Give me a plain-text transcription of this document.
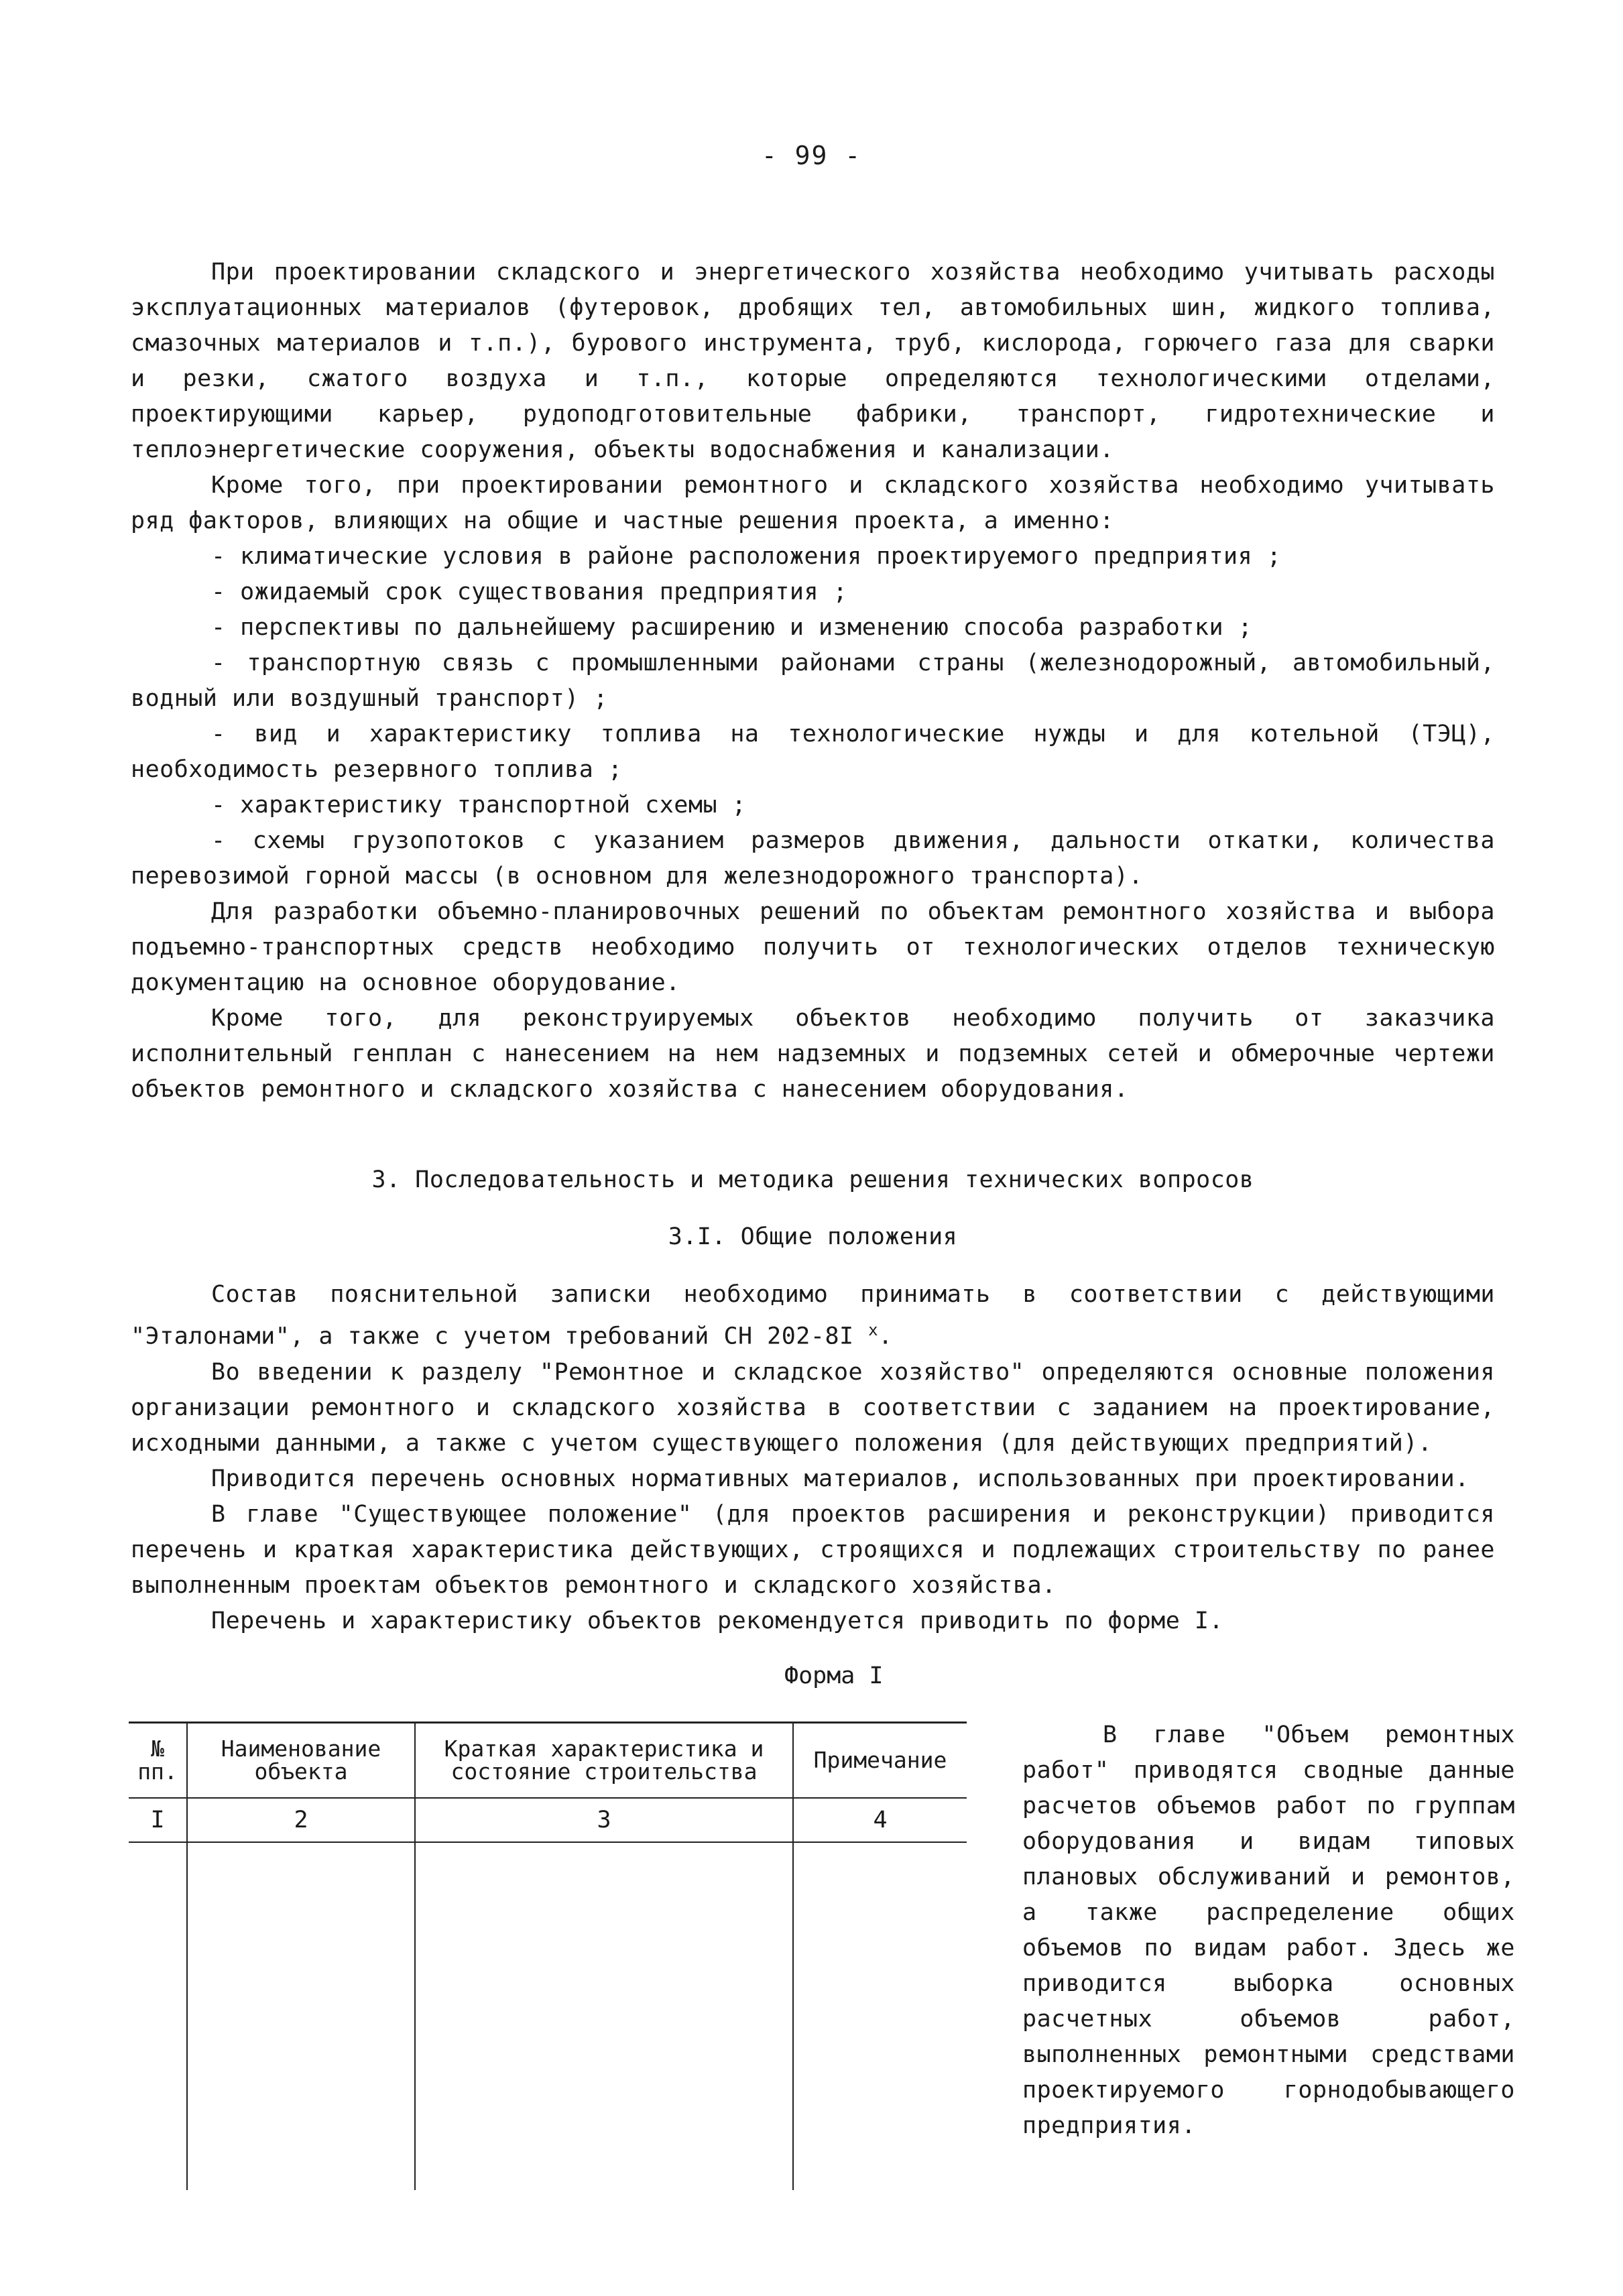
- 99 -

При проектировании складского и энергетического хозяйства необходимо учитывать расходы эксплуатационных материалов (футеровок, дробящих тел, автомобильных шин, жидкого топлива, смазочных материалов и т.п.), бурового инструмента, труб, кислорода, горючего газа для сварки и резки, сжатого воздуха и т.п., которые определяются технологическими отделами, проектирующими карьер, рудоподготовительные фабрики, транспорт, гидротехнические и теплоэнергетические сооружения, объекты водоснабжения и канализации.

Кроме того, при проектировании ремонтного и складского хозяйства необходимо учитывать ряд факторов, влияющих на общие и частные решения проекта, а именно:

- климатические условия в районе расположения проектируемого предприятия ;

- ожидаемый срок существования предприятия ;

- перспективы по дальнейшему расширению и изменению способа разработки ;

- транспортную связь с промышленными районами страны (железнодорожный, автомобильный, водный или воздушный транспорт) ;

- вид и характеристику топлива на технологические нужды и для котельной (ТЭЦ), необходимость резервного топлива ;

- характеристику транспортной схемы ;

- схемы грузопотоков с указанием размеров движения, дальности откатки, количества перевозимой горной массы (в основном для железнодорожного транспорта).

Для разработки объемно-планировочных решений по объектам ремонтного хозяйства и выбора подъемно-транспортных средств необходимо получить от технологических отделов техническую документацию на основное оборудование.

Кроме того, для реконструируемых объектов необходимо получить от заказчика исполнительный генплан с нанесением на нем надземных и подземных сетей и обмерочные чертежи объектов ремонтного и складского хозяйства с нанесением оборудования.

3. Последовательность и методика решения технических вопросов
3.I. Общие положения

Состав пояснительной записки необходимо принимать в соответствии с действующими "Эталонами", а также с учетом требований СН 202-8I $^x$.

Во введении к разделу "Ремонтное и складское хозяйство" определяются основные положения организации ремонтного и складского хозяйства в соответствии с заданием на проектирование, исходными данными, а также с учетом существующего положения (для действующих предприятий).

Приводится перечень основных нормативных материалов, использованных при проектировании.

В главе "Существующее положение" (для проектов расширения и реконструкции) приводится перечень и краткая характеристика действующих, строящихся и подлежащих строительству по ранее выполненным проектам объектов ремонтного и складского хозяйства.

Перечень и характеристику объектов рекомендуется приводить по форме I.

Форма I
№ пп.	Наименование объекта	Краткая характеристика и состояние строительства	Примечание
I	2	3	4

В главе "Объем ремонтных работ" приводятся сводные данные расчетов объемов работ по группам оборудования и видам типовых плановых обслуживаний и ремонтов, а также распределение общих объемов по видам работ. Здесь же приводится выборка основных расчетных объемов работ, выполненных ремонтными средствами проектируемого горнодобывающего предприятия.
